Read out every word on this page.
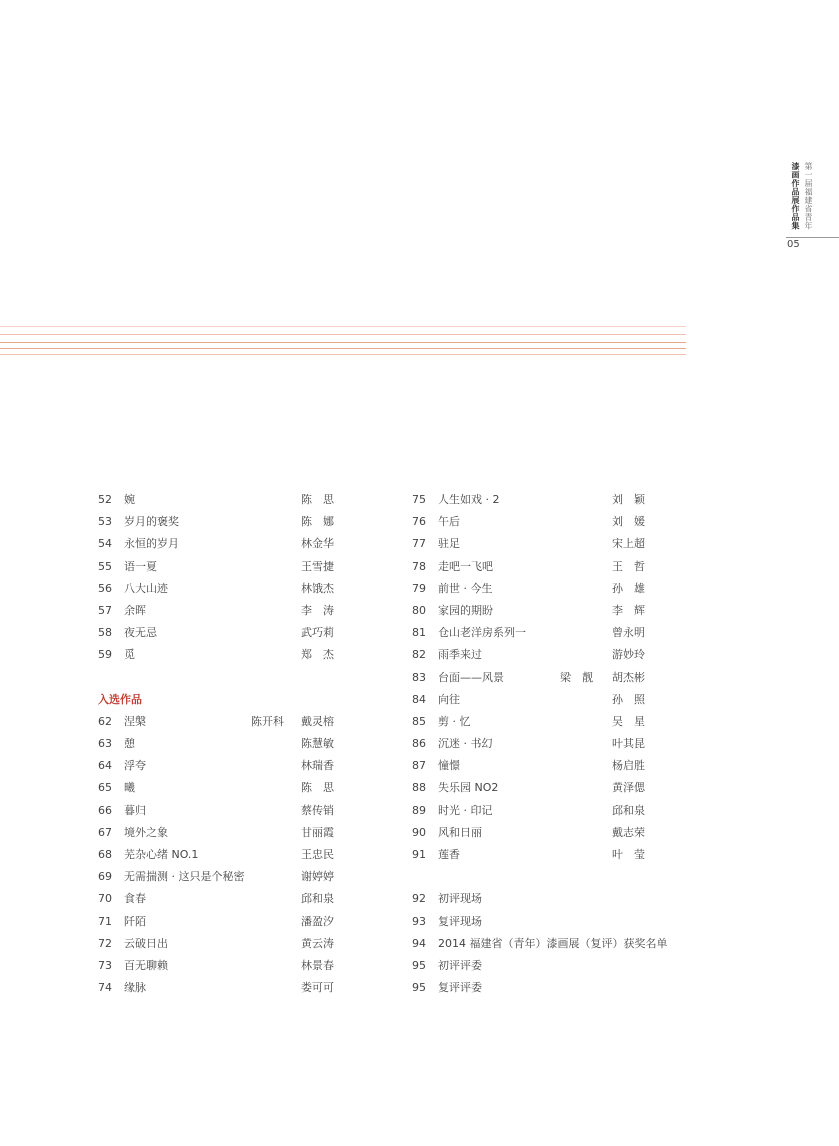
第一届福建省青年
漆画作品展作品集
05
52	婉	陈　思
53	岁月的褒奖	陈　娜
54	永恒的岁月	林金华
55	语一夏	王雪捷
56	八大山迹	林饿杰
57	余晖	李　涛
58	夜无忌	武巧莉
59	觅	郑　杰
入选作品
62	涅槃	陈开科 戴灵榕
63	憩	陈慧敏
64	浮夸	林瑞香
65	曦	陈　思
66	暮归	蔡传销
67	境外之象	甘丽霞
68	芜杂心绪 NO.1	王忠民
69	无需揣测 · 这只是个秘密	谢婷婷
70	食春	邱和泉
71	阡陌	潘盈汐
72	云破日出	黄云涛
73	百无聊赖	林景春
74	缘脉	娄可可
75	人生如戏 · 2	刘　颖
76	午后	刘　媛
77	驻足	宋上超
78	走吧一飞吧	王　哲
79	前世 · 今生	孙　雄
80	家园的期盼	李　辉
81	仓山老洋房系列一	曾永明
82	雨季来过	游妙玲
83	台面——风景	梁　靓 胡杰彬
84	向往	孙　照
85	剪 · 忆	吴　星
86	沉迷 · 书幻	叶其昆
87	憧憬	杨启胜
88	失乐园 NO2	黄泽偲
89	时光 · 印记	邱和泉
90	风和日丽	戴志荣
91	莲香	叶　莹
92	初评现场
93	复评现场
94	2014 福建省（青年）漆画展（复评）获奖名单
95	初评评委
95	复评评委
